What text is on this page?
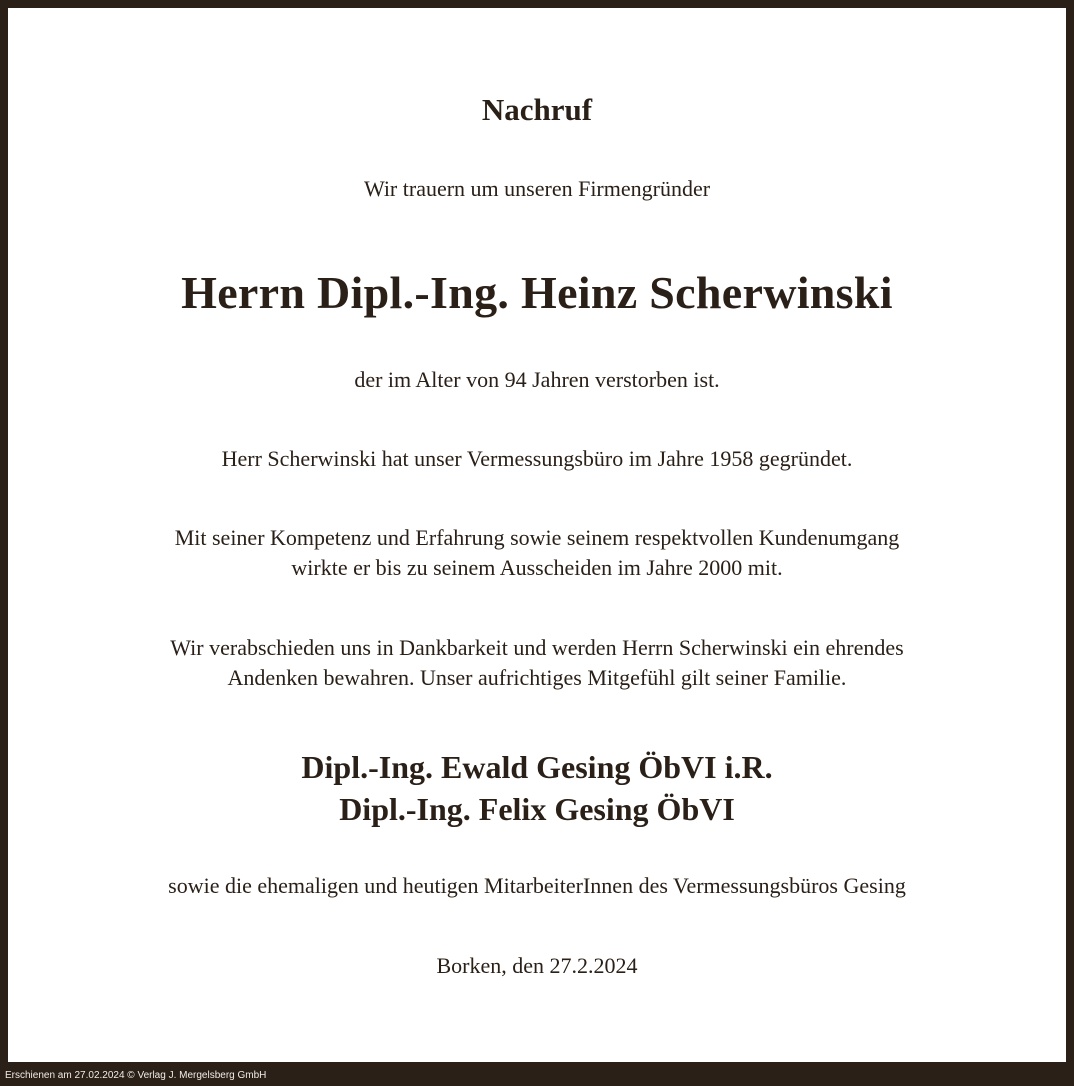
Nachruf
Wir trauern um unseren Firmengründer
Herrn Dipl.-Ing. Heinz Scherwinski
der im Alter von 94 Jahren verstorben ist.
Herr Scherwinski hat unser Vermessungsbüro im Jahre 1958 gegründet.
Mit seiner Kompetenz und Erfahrung sowie seinem respektvollen Kundenumgang
wirkte er bis zu seinem Ausscheiden im Jahre 2000 mit.
Wir verabschieden uns in Dankbarkeit und werden Herrn Scherwinski ein ehrendes
Andenken bewahren. Unser aufrichtiges Mitgefühl gilt seiner Familie.
Dipl.-Ing. Ewald Gesing ÖbVI i.R.
Dipl.-Ing. Felix Gesing ÖbVI
sowie die ehemaligen und heutigen MitarbeiterInnen des Vermessungsbüros Gesing
Borken, den 27.2.2024
Erschienen am 27.02.2024 © Verlag J. Mergelsberg GmbH
